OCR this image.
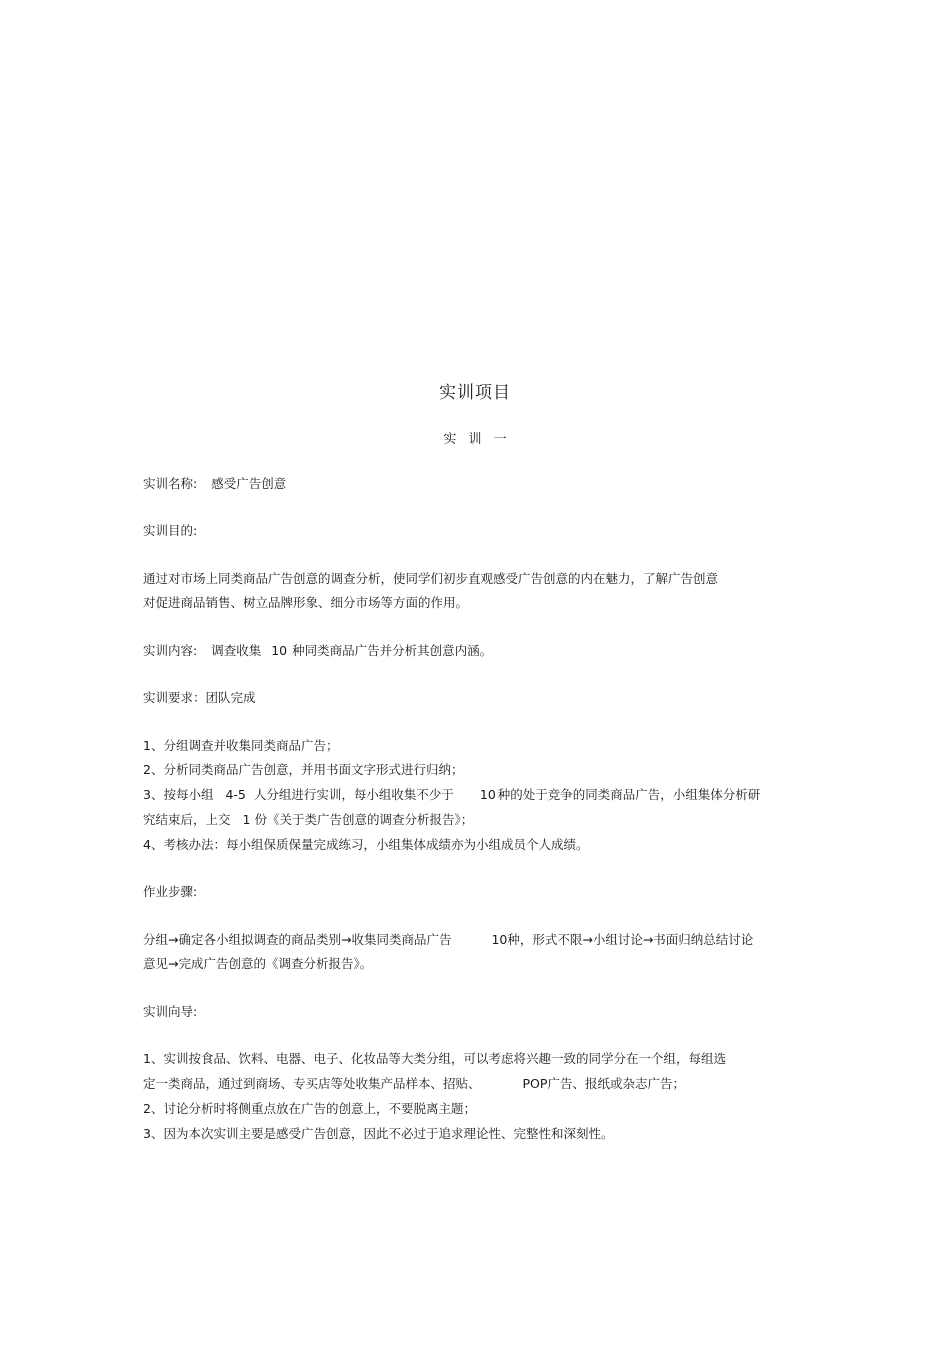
实训项目
实 训 一
实训名称: 感受广告创意
实训目的:
通过对市场上同类商品广告创意的调查分析，使同学们初步直观感受广告创意的内在魅力，了解广告创意
对促进商品销售、树立品牌形象、细分市场等方面的作用。
实训内容: 调查收集 10 种同类商品广告并分析其创意内涵。
实训要求：团队完成
1、分组调查并收集同类商品广告；
2、分析同类商品广告创意，并用书面文字形式进行归纳；
3、按每小组 4-5 人分组进行实训，每小组收集不少于 10 种的处于竞争的同类商品广告，小组集体分析研
究结束后，上交 1 份《关于类广告创意的调查分析报告》；
4、考核办法：每小组保质保量完成练习，小组集体成绩亦为小组成员个人成绩。
作业步骤:
分组→确定各小组拟调查的商品类别→收集同类商品广告	10种，形式不限→小组讨论→书面归纳总结讨论
意见→完成广告创意的《调查分析报告》。
实训向导:
1、实训按食品、饮料、电器、电子、化妆品等大类分组，可以考虑将兴趣一致的同学分在一个组，每组选
定一类商品，通过到商场、专买店等处收集产品样本、招贴、	POP广告、报纸或杂志广告；
2、讨论分析时将侧重点放在广告的创意上，不要脱离主题；
3、因为本次实训主要是感受广告创意，因此不必过于追求理论性、完整性和深刻性。
